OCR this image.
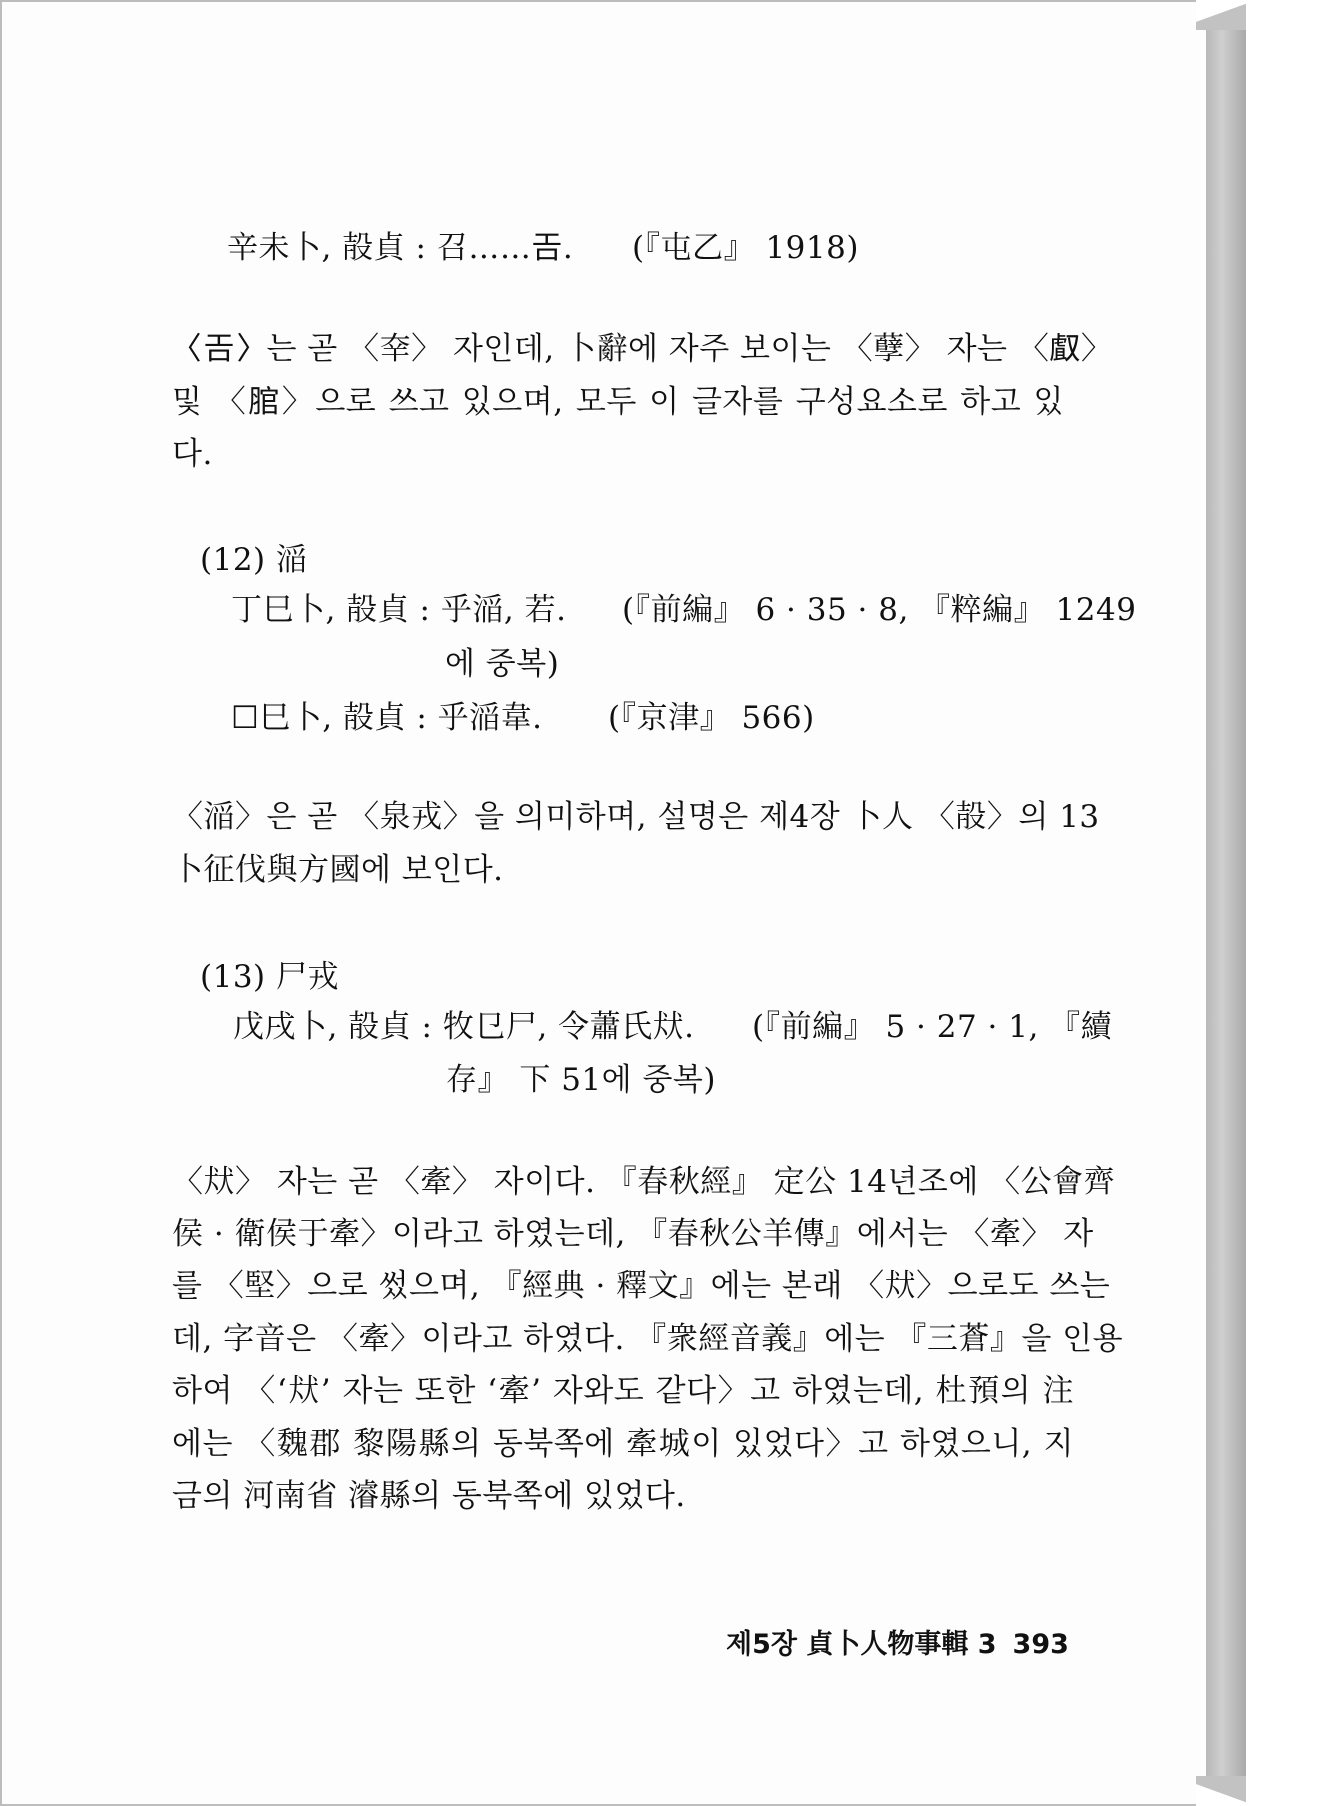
辛未卜, 㱿貞 : 召……𢀛. (『屯乙』 1918)
〈𢀛〉는 곧 〈㚔〉 자인데, 卜辭에 자주 보이는 〈孽〉 자는 〈𠭯〉
및 〈𦜐〉으로 쓰고 있으며, 모두 이 글자를 구성요소로 하고 있
다.
(12) 㴞
丁巳卜, 㱿貞 : 乎㴞, 若. (『前編』 6 · 35 · 8, 『粹編』 1249
에 중복)
☐巳卜, 㱿貞 : 乎㴞韋. (『京津』 566)
〈㴞〉은 곧 〈泉戎〉을 의미하며, 설명은 제4장 卜人 〈㱿〉의 13
卜征伐與方國에 보인다.
(13) 尸戎
戊戌卜, 㱿貞 : 牧㔾尸, 令蕭氏㹜. (『前編』 5 · 27 · 1, 『續
存』 下 51에 중복)
〈㹜〉 자는 곧 〈牽〉 자이다. 『春秋經』 定公 14년조에 〈公會齊
侯 · 衛侯于牽〉이라고 하였는데, 『春秋公羊傳』에서는 〈牽〉 자
를 〈堅〉으로 썼으며, 『經典 · 釋文』에는 본래 〈㹜〉으로도 쓰는
데, 字音은 〈牽〉이라고 하였다. 『衆經音義』에는 『三蒼』을 인용
하여 〈‘㹜’ 자는 또한 ‘牽’ 자와도 같다〉고 하였는데, 杜預의 注
에는 〈魏郡 黎陽縣의 동북쪽에 牽城이 있었다〉고 하였으니, 지
금의 河南省 濬縣의 동북쪽에 있었다.
제5장 貞卜人物事輯 3 393
